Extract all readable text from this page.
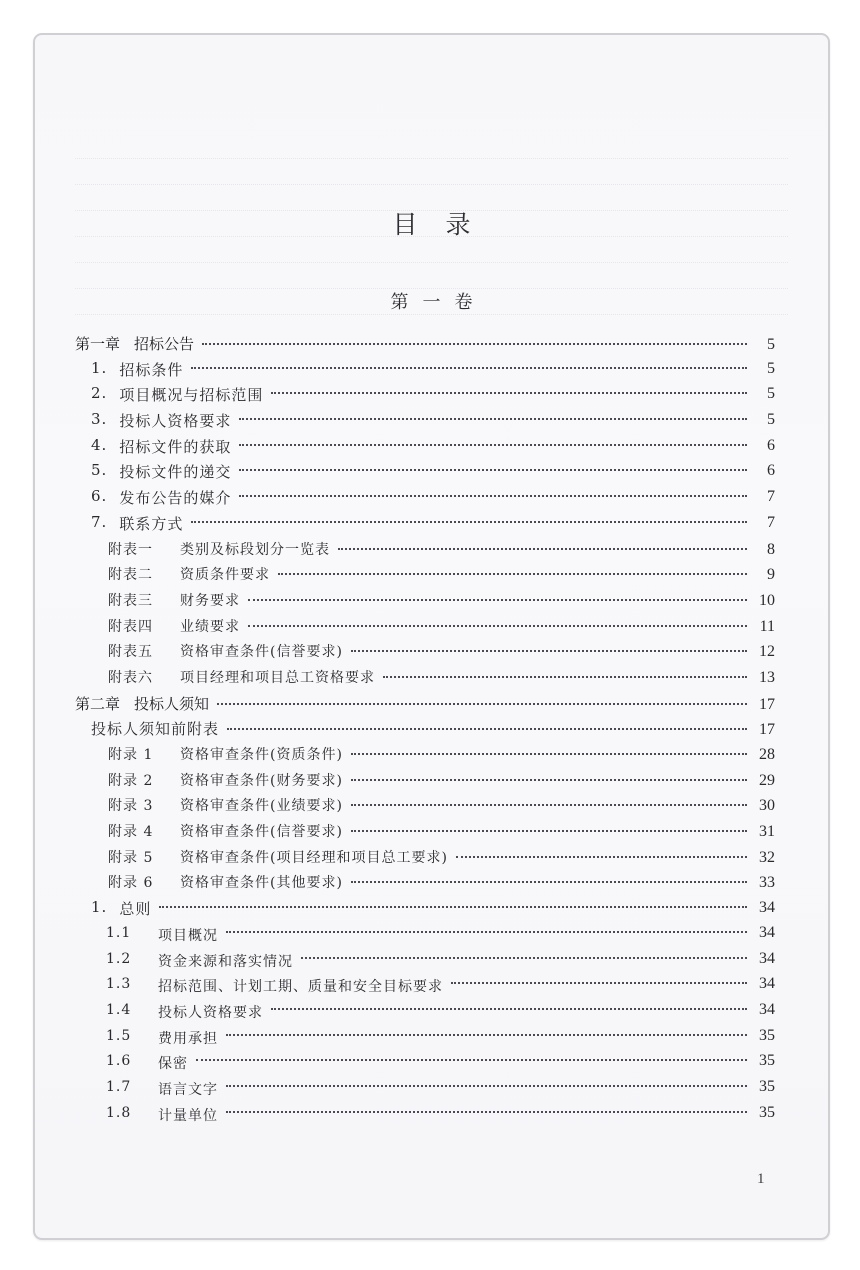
目录
第一卷
第一章 招标公告	5
1. 招标条件	5
2. 项目概况与招标范围	5
3. 投标人资格要求	5
4. 招标文件的获取	6
5. 投标文件的递交	6
6. 发布公告的媒介	7
7. 联系方式	7
附表一	类别及标段划分一览表	8
附表二	资质条件要求	9
附表三	财务要求	10
附表四	业绩要求	11
附表五	资格审查条件(信誉要求)	12
附表六	项目经理和项目总工资格要求	13
第二章 投标人须知	17
投标人须知前附表	17
附录 1	资格审查条件(资质条件)	28
附录 2	资格审查条件(财务要求)	29
附录 3	资格审查条件(业绩要求)	30
附录 4	资格审查条件(信誉要求)	31
附录 5	资格审查条件(项目经理和项目总工要求)	32
附录 6	资格审查条件(其他要求)	33
1. 总则	34
1.1	项目概况	34
1.2	资金来源和落实情况	34
1.3	招标范围、计划工期、质量和安全目标要求	34
1.4	投标人资格要求	34
1.5	费用承担	35
1.6	保密	35
1.7	语言文字	35
1.8	计量单位	35
1
